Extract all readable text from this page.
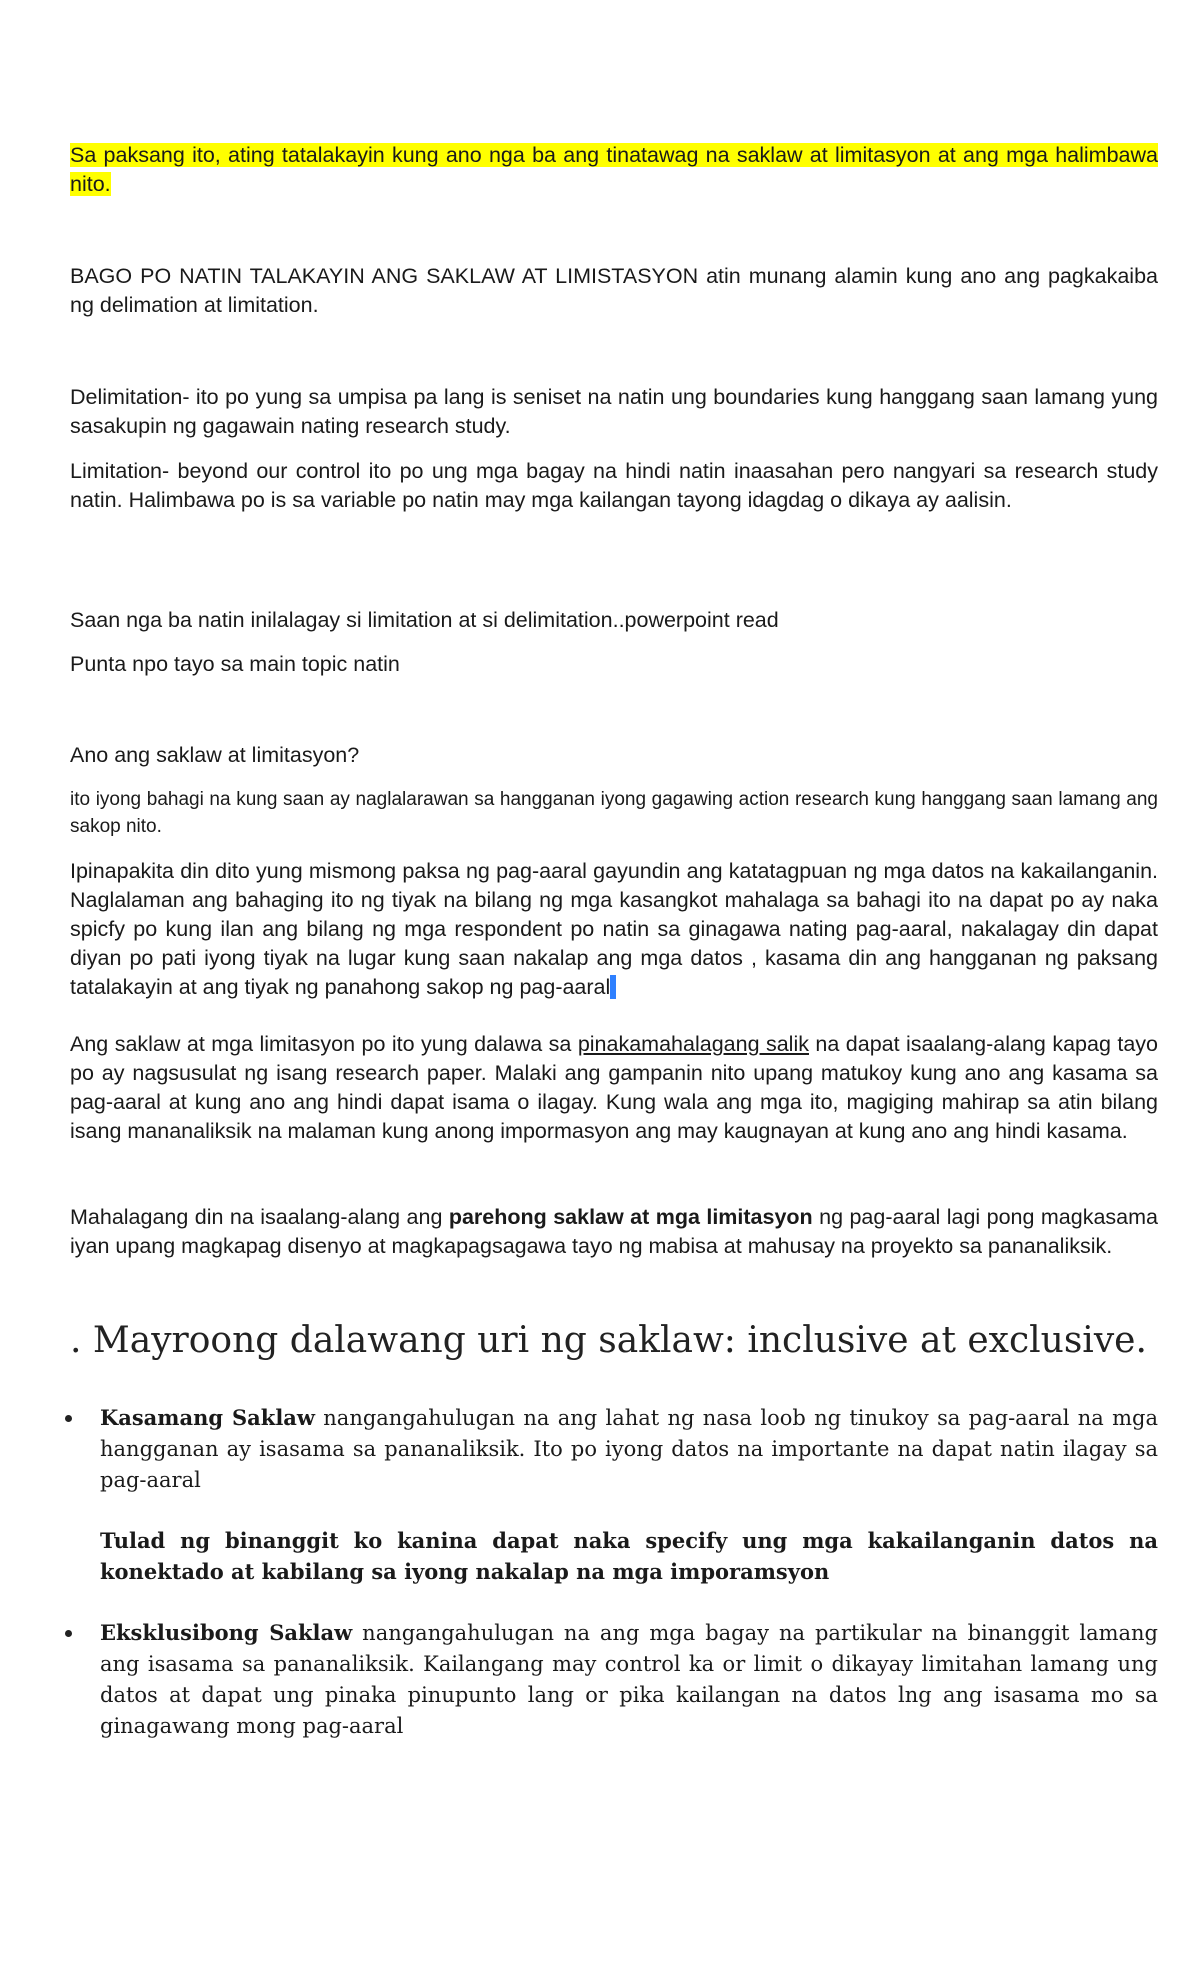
Sa paksang ito, ating tatalakayin kung ano nga ba ang tinatawag na saklaw at limitasyon at ang mga halimbawa nito.

BAGO PO NATIN TALAKAYIN ANG SAKLAW AT LIMISTASYON atin munang alamin kung ano ang pagkakaiba ng delimation at limitation.

Delimitation- ito po yung sa umpisa pa lang is seniset na natin ung boundaries kung hanggang saan lamang yung sasakupin ng gagawain nating research study.

Limitation- beyond our control ito po ung mga bagay na hindi natin inaasahan pero nangyari sa research study natin. Halimbawa po is sa variable po natin may mga kailangan tayong idagdag o dikaya ay aalisin.

Saan nga ba natin inilalagay si limitation at si delimitation..powerpoint read

Punta npo tayo sa main topic natin

Ano ang saklaw at limitasyon?

ito iyong bahagi na kung saan ay naglalarawan sa hangganan iyong gagawing action research kung hanggang saan lamang ang sakop nito.

Ipinapakita din dito yung mismong paksa ng pag-aaral gayundin ang katatagpuan ng mga datos na kakailanganin. Naglalaman ang bahaging ito ng tiyak na bilang ng mga kasangkot mahalaga sa bahagi ito na dapat po ay naka spicfy po kung ilan ang bilang ng mga respondent po natin sa ginagawa nating pag-aaral, nakalagay din dapat diyan po pati iyong tiyak na lugar kung saan nakalap ang mga datos , kasama din ang hangganan ng paksang tatalakayin at ang tiyak ng panahong sakop ng pag-aaral

Ang saklaw at mga limitasyon po ito yung dalawa sa pinakamahalagang salik na dapat isaalang-alang kapag tayo po ay nagsusulat ng isang research paper. Malaki ang gampanin nito upang matukoy kung ano ang kasama sa pag-aaral at kung ano ang hindi dapat isama o ilagay. Kung wala ang mga ito, magiging mahirap sa atin bilang isang mananaliksik na malaman kung anong impormasyon ang may kaugnayan at kung ano ang hindi kasama.

Mahalagang din na isaalang-alang ang parehong saklaw at mga limitasyon ng pag-aaral lagi pong magkasama iyan upang magkapag disenyo at magkapagsagawa tayo ng mabisa at mahusay na proyekto sa pananaliksik.

. Mayroong dalawang uri ng saklaw: inclusive at exclusive.

Kasamang Saklaw nangangahulugan na ang lahat ng nasa loob ng tinukoy sa pag-aaral na mga hangganan ay isasama sa pananaliksik. Ito po iyong datos na importante na dapat natin ilagay sa pag-aaral

Tulad ng binanggit ko kanina dapat naka specify ung mga kakailanganin datos na konektado at kabilang sa iyong nakalap na mga imporamsyon

Eksklusibong Saklaw nangangahulugan na ang mga bagay na partikular na binanggit lamang ang isasama sa pananaliksik. Kailangang may control ka or limit o dikayay limitahan lamang ung datos at dapat ung pinaka pinupunto lang or pika kailangan na datos lng ang isasama mo sa ginagawang mong pag-aaral
